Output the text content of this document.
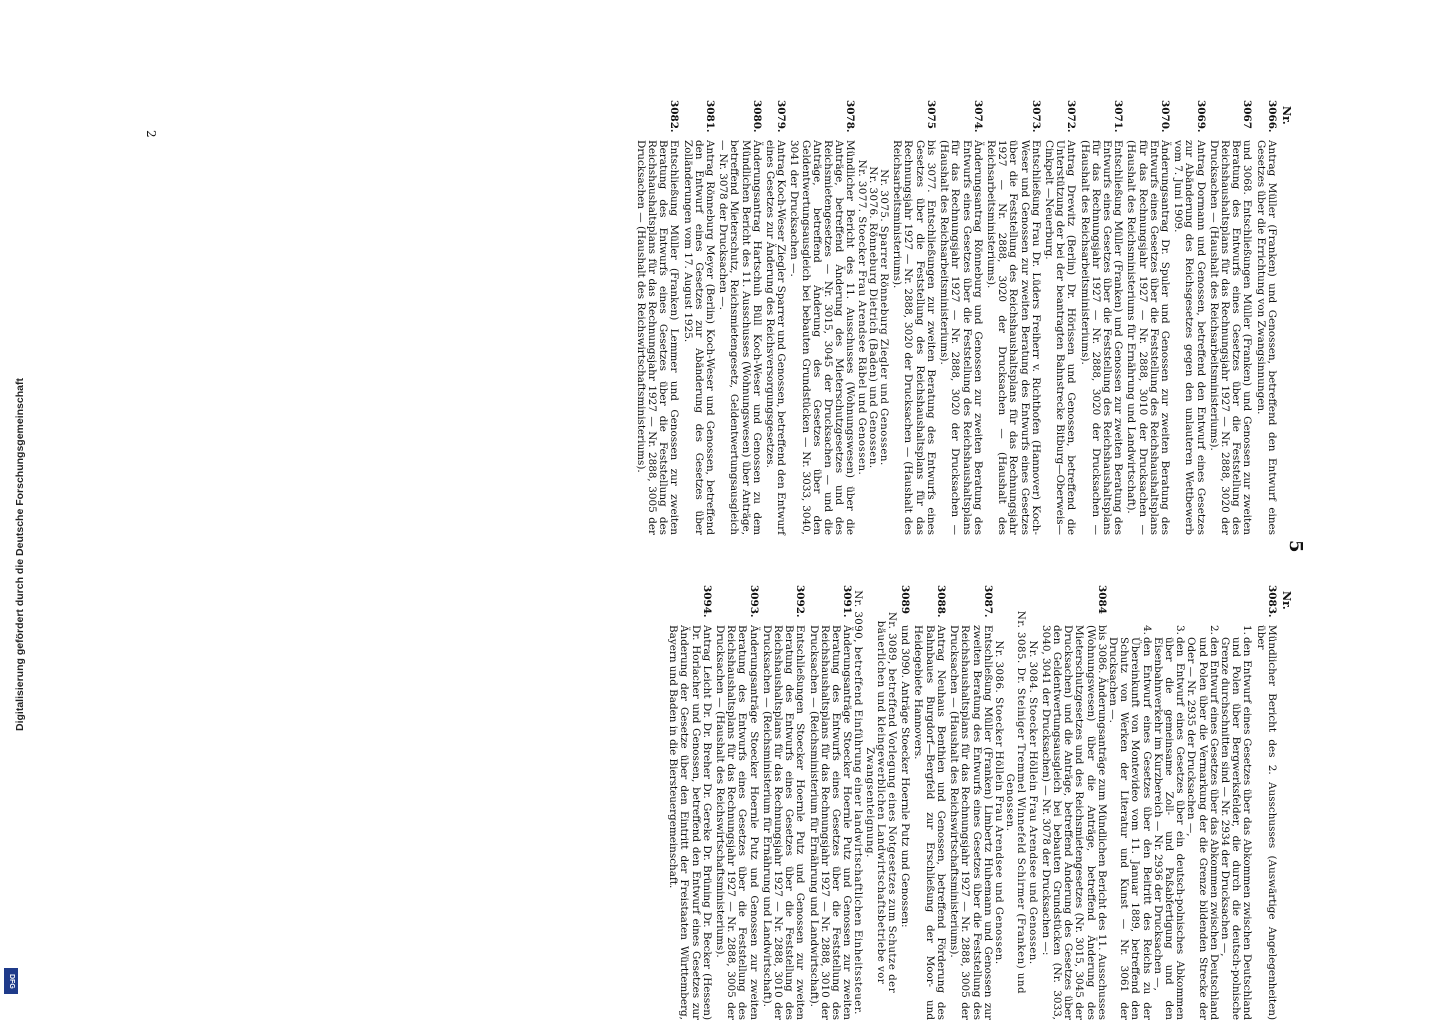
Digitalisierung gefördert durch die Deutsche Forschungsgemeinschaft
DFG
5
Nr.
3066.
Antrag Müller (Franken) und Genossen, betreffend den Entwurf eines Gesetzes über die Errichtung von Zwangsinnungen.
3067
und 3068. Entschließungen Müller (Franken) und Genossen zur zweiten Beratung des Entwurfs eines Gesetzes über die Feststellung des Reichshaushaltsplans für das Rechnungsjahr 1927 — Nr. 2888, 3020 der Drucksachen — (Haushalt des Reichsarbeitsministeriums).
3069.
Antrag Dormann und Genossen, betreffend den Entwurf eines Gesetzes zur Abänderung des Reichsgesetzes gegen den unlauteren Wettbewerb vom 7. Juni 1909.
3070.
Änderungsantrag Dr. Spuler und Genossen zur zweiten Beratung des Entwurfs eines Gesetzes über die Feststellung des Reichshaushaltsplans für das Rechnungsjahr 1927 — Nr. 2888, 3010 der Drucksachen — (Haushalt des Reichsministeriums für Ernährung und Landwirtschaft).
3071.
Entschließung Müller (Franken) und Genossen zur zweiten Beratung des Entwurfs eines Gesetzes über die Feststellung des Reichshaushaltsplans für das Rechnungsjahr 1927 — Nr. 2888, 3020 der Drucksachen — (Haushalt des Reichsarbeitsministeriums).
3072.
Antrag Drewitz (Berlin) Dr. Hörissen und Genossen, betreffend die Unterstützung der bei der beantragten Bahnstrecke Bitburg—Oberweis—Cinkpelt —Neuerburg.
3073.
Entschließung Frau Dr. Lüders Freiherr v. Richthofen (Hannover) Koch-Weser und Genossen zur zweiten Beratung des Entwurfs eines Gesetzes über die Feststellung des Reichshaushaltsplans für das Rechnungsjahr 1927 — Nr. 2888, 3020 der Drucksachen — (Haushalt des Reichsarbeitsministeriums).
3074.
Änderungsantrag Rönneburg und Genossen zur zweiten Beratung des Entwurfs eines Gesetzes über die Feststellung des Reichshaushaltsplans für das Rechnungsjahr 1927 — Nr. 2888, 3020 der Drucksachen — (Haushalt des Reichsarbeitsministeriums).
3075
bis 3077. Entschließungen zur zweiten Beratung des Entwurfs eines Gesetzes über die Feststellung des Reichshaushaltsplans für das Rechnungsjahr 1927 — Nr. 2888, 3020 der Drucksachen — (Haushalt des Reichsarbeitsministeriums).
Nr. 3075. Sparrer Rönneburg Ziegler und Genossen.
Nr. 3076. Rönneburg Dietrich (Baden) und Genossen.
Nr. 3077. Stoecker Frau Arendsee Räbel und Genossen.
3078.
Mündlicher Bericht des 11. Ausschusses (Wohnungswesen) über die Anträge, betreffend Änderung des Mieterschutzgesetzes und des Reichsmietengesetzes — Nr. 3015, 3045 der Drucksachen — und die Anträge, betreffend Änderung des Gesetzes über den Geldentwertungsausgleich bei bebauten Grundstücken — Nr. 3033, 3040, 3041 der Drucksachen —.
3079.
Antrag Koch-Weser Ziegler Sparrer und Genossen, betreffend den Entwurf eines Gesetzes zur Änderung des Reichsversorgungsgesetzes.
3080.
Änderungsantrag Hartschuh Büll Koch-Weser und Genossen zu dem Mündlichen Bericht des 11. Ausschusses (Wohnungswesen) über Anträge, betreffend Mieterschutz, Reichsmietengesetz, Geldentwertungsausgleich — Nr. 3078 der Drucksachen —.
3081.
Antrag Rönneburg Meyer (Berlin) Koch-Weser und Genossen, betreffend den Entwurf eines Gesetzes zur Abänderung des Gesetzes über Zolländerungen vom 17. August 1925.
3082.
Entschließung Müller (Franken) Lemmer und Genossen zur zweiten Beratung des Entwurfs eines Gesetzes über die Feststellung des Reichshaushaltsplans für das Rechnungsjahr 1927 — Nr. 2888, 3005 der Drucksachen — (Haushalt des Reichswirtschaftsministeriums).
Nr.
3083.
Mündlicher Bericht des 2. Ausschusses (Auswärtige Angelegenheiten) über
1.
den Entwurf eines Gesetzes über das Abkommen zwischen Deutschland und Polen über Bergwerksfelder, die durch die deutsch-polnische Grenze durchschnitten sind — Nr. 2934 der Drucksachen —,
2.
den Entwurf eines Gesetzes über das Abkommen zwischen Deutschland und Polen über die Vermarkung der die Grenze bildenden Strecke der Oder — Nr. 2935 der Drucksachen —,
3.
den Entwurf eines Gesetzes über ein deutsch-polnisches Abkommen über die gemeinsame Zoll- und Paßabfertigung und den Eisenbahnverkehr im Kurzbereich — Nr. 2936 der Drucksachen —,
4.
den Entwurf eines Gesetzes über den Beitritt des Reichs zu der Übereinkunft von Montevideo vom 11. Januar 1889, betreffend den Schutz von Werken der Literatur und Kunst — Nr. 3061 der Drucksachen —.
3084
bis 3086. Änderungsanträge zum Mündlichen Bericht des 11. Ausschusses (Wohnungswesen) über die Anträge, betreffend Änderung des Mieterschutzgesetzes und des Reichsmietengesetzes (Nr. 3015, 3045 der Drucksachen) und die Anträge, betreffend Änderung des Gesetzes über den Geldentwertungsausgleich bei bebauten Grundstücken (Nr. 3033, 3040, 3041 der Drucksachen) — Nr. 3078 der Drucksachen —:
Nr. 3084. Stoecker Höllein Frau Arendsee und Genossen.
Nr. 3085. Dr. Steiniger Tremmel Winnefeld Schirmer (Franken) und Genossen.
Nr. 3086. Stoecker Höllein Frau Arendsee und Genossen.
3087.
Entschließung Müller (Franken) Limbertz Huhemann und Genossen zur zweiten Beratung des Entwurfs eines Gesetzes über die Feststellung des Reichshaushaltsplans für das Rechnungsjahr 1927 — Nr. 2888, 3005 der Drucksachen — (Haushalt des Reichswirtschaftsministeriums).
3088.
Antrag Neuhaus Benthien und Genossen, betreffend Förderung des Bahnbaues Burgdorf—Bergfeld zur Erschließung der Moor- und Heidegebiete Hannovers.
3089
und 3090. Anträge Stoecker Hoernle Putz und Genossen:
Nr. 3089, betreffend Vorlegung eines Notgesetzes zum Schutze der bäuerlichen und kleingewerblichen Landwirtschaftsbetriebe vor Zwangsenteignung.
Nr. 3090, betreffend Einführung einer landwirtschaftlichen Einheitssteuer.
3091.
Änderungsanträge Stoecker Hoernle Putz und Genossen zur zweiten Beratung des Entwurfs eines Gesetzes über die Feststellung des Reichshaushaltsplans für das Rechnungsjahr 1927 — Nr. 2888, 3010 der Drucksachen — (Reichsministerium für Ernährung und Landwirtschaft).
3092.
Entschließungen Stoecker Hoernle Putz und Genossen zur zweiten Beratung des Entwurfs eines Gesetzes über die Feststellung des Reichshaushaltsplans für das Rechnungsjahr 1927 — Nr. 2888, 3010 der Drucksachen — (Reichsministerium für Ernährung und Landwirtschaft).
3093.
Änderungsanträge Stoecker Hoernle Putz und Genossen zur zweiten Beratung des Entwurfs eines Gesetzes über die Feststellung des Reichshaushaltsplans für das Rechnungsjahr 1927 — Nr. 2888, 3005 der Drucksachen — (Haushalt des Reichswirtschaftsministeriums).
3094.
Antrag Leicht Dr. Dr. Breher Dr. Gereke Dr. Brüning Dr. Becker (Hessen) Dr. Horlacher und Genossen, betreffend den Entwurf eines Gesetzes zur Änderung der Gesetze über den Eintritt der Freistaaten Württemberg, Bayern und Baden in die Biersteuergemeinschaft.
2
